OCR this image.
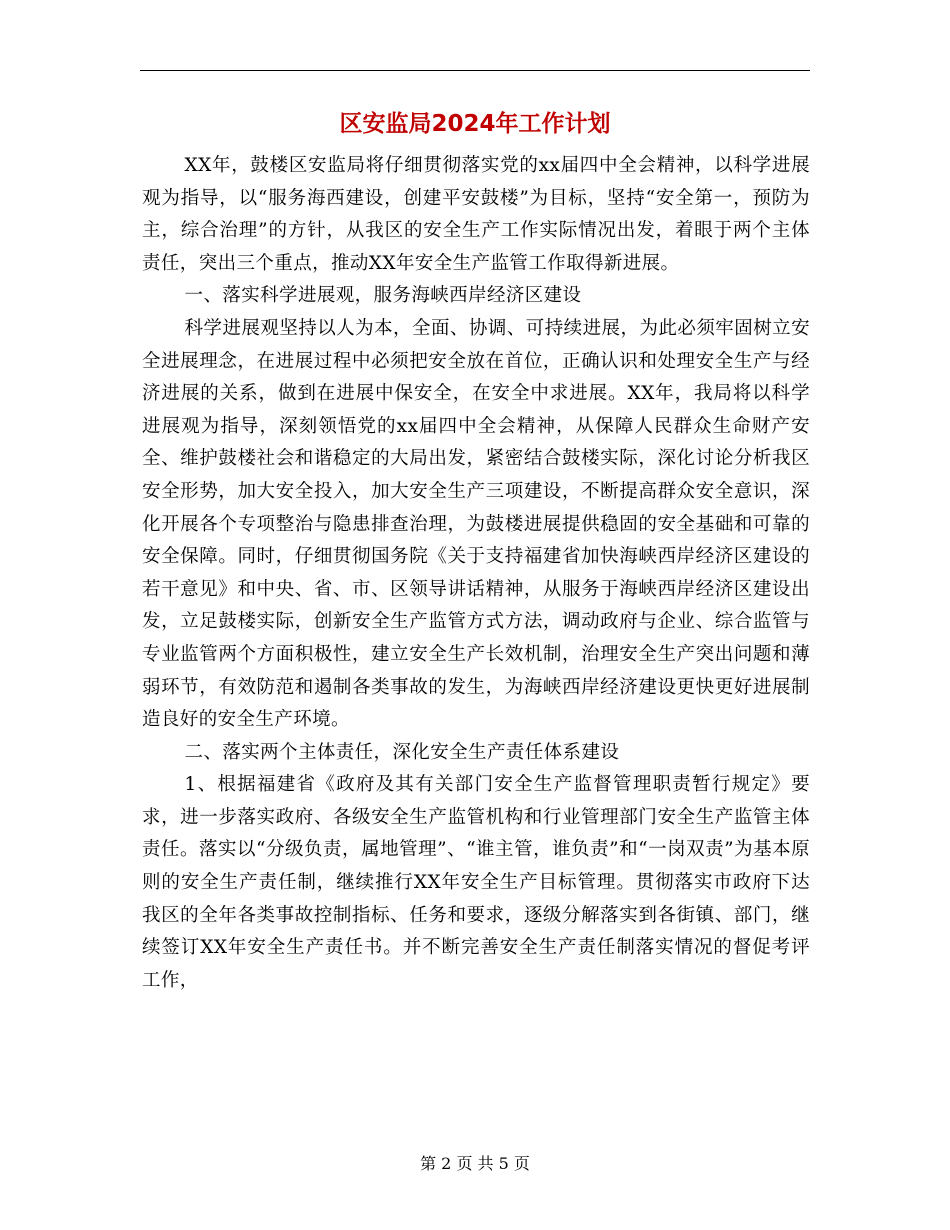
区安监局2024年工作计划

XX年，鼓楼区安监局将仔细贯彻落实党的xx届四中全会精神，以科学进展观为指导，以“服务海西建设，创建平安鼓楼”为目标，坚持“安全第一，预防为主，综合治理”的方针，从我区的安全生产工作实际情况出发，着眼于两个主体责任，突出三个重点，推动XX年安全生产监管工作取得新进展。

一、落实科学进展观，服务海峡西岸经济区建设

科学进展观坚持以人为本，全面、协调、可持续进展，为此必须牢固树立安全进展理念，在进展过程中必须把安全放在首位，正确认识和处理安全生产与经济进展的关系，做到在进展中保安全，在安全中求进展。XX年，我局将以科学进展观为指导，深刻领悟党的xx届四中全会精神，从保障人民群众生命财产安全、维护鼓楼社会和谐稳定的大局出发，紧密结合鼓楼实际，深化讨论分析我区安全形势，加大安全投入，加大安全生产三项建设，不断提高群众安全意识，深化开展各个专项整治与隐患排查治理，为鼓楼进展提供稳固的安全基础和可靠的安全保障。同时，仔细贯彻国务院《关于支持福建省加快海峡西岸经济区建设的若干意见》和中央、省、市、区领导讲话精神，从服务于海峡西岸经济区建设出发，立足鼓楼实际，创新安全生产监管方式方法，调动政府与企业、综合监管与专业监管两个方面积极性，建立安全生产长效机制，治理安全生产突出问题和薄弱环节，有效防范和遏制各类事故的发生，为海峡西岸经济建设更快更好进展制造良好的安全生产环境。

二、落实两个主体责任，深化安全生产责任体系建设

1、根据福建省《政府及其有关部门安全生产监督管理职责暂行规定》要求，进一步落实政府、各级安全生产监管机构和行业管理部门安全生产监管主体责任。落实以“分级负责，属地管理”、“谁主管，谁负责”和“一岗双责”为基本原则的安全生产责任制，继续推行XX年安全生产目标管理。贯彻落实市政府下达我区的全年各类事故控制指标、任务和要求，逐级分解落实到各街镇、部门，继续签订XX年安全生产责任书。并不断完善安全生产责任制落实情况的督促考评工作，

第 2 页 共 5 页
